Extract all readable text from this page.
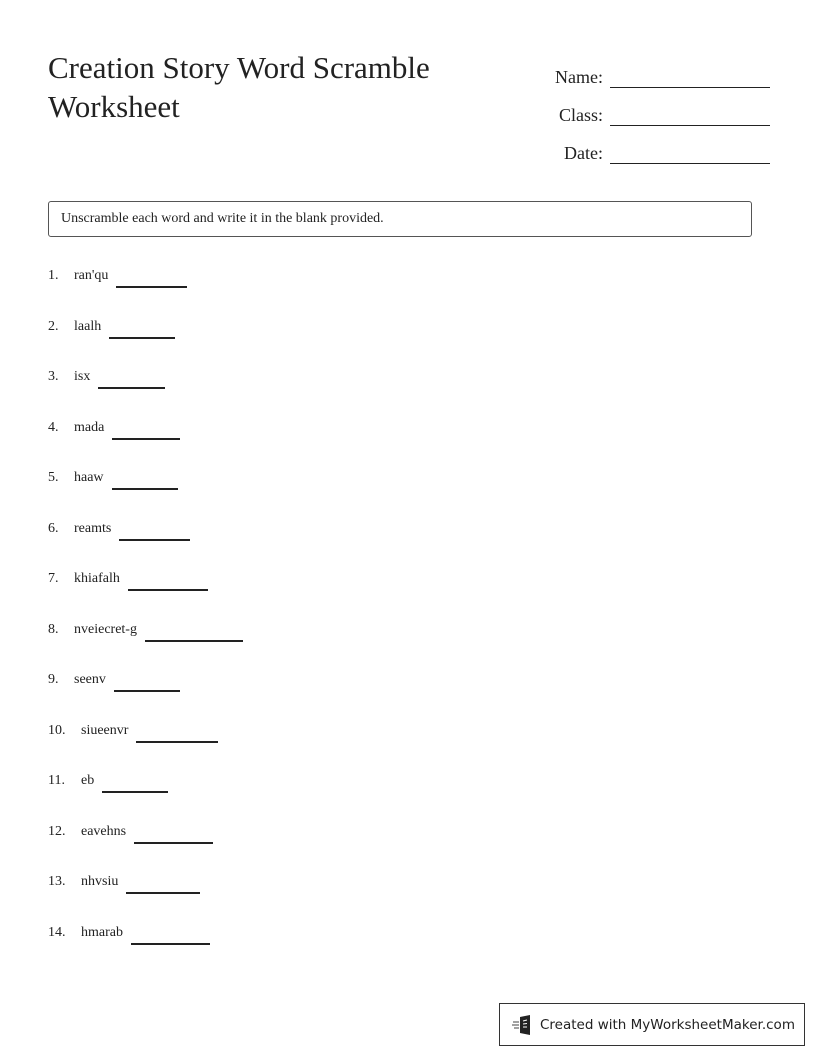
Creation Story Word Scramble Worksheet
Name:
Class:
Date:
Unscramble each word and write it in the blank provided.
1.	ran'qu
2.	laalh
3.	isx
4.	mada
5.	haaw
6.	reamts
7.	khiafalh
8.	nveiecret-g
9.	seenv
10.	siueenvr
11.	eb
12.	eavehns
13.	nhvsiu
14.	hmarab
Created with MyWorksheetMaker.com
